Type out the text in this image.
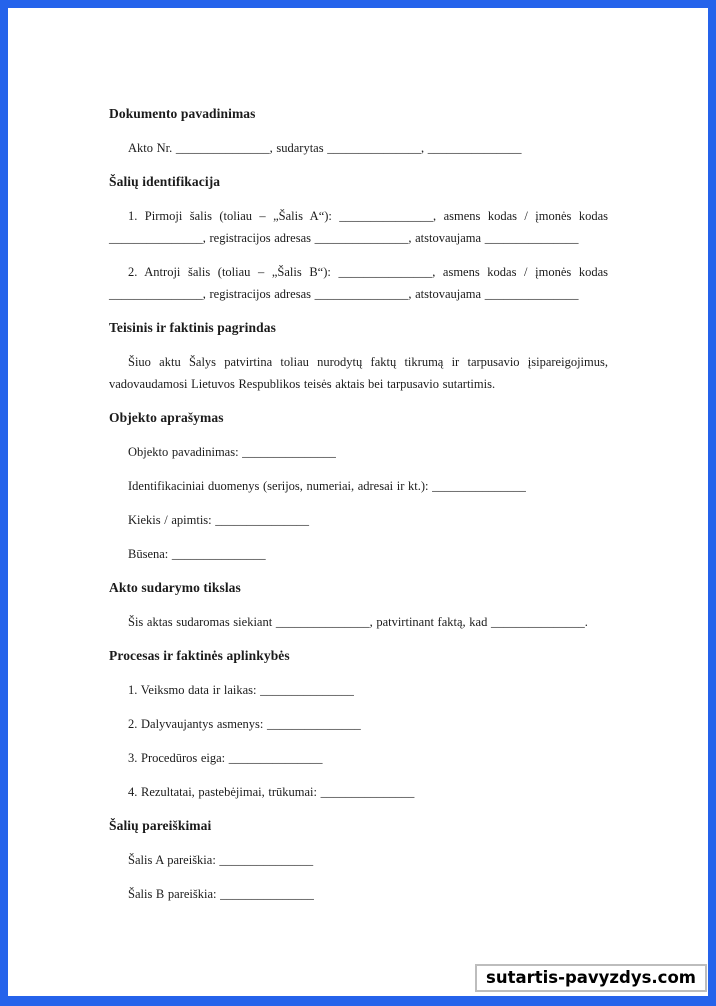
Dokumento pavadinimas

Akto Nr. _______________, sudarytas _______________, _______________

Šalių identifikacija

1. Pirmoji šalis (toliau – „Šalis A“): _______________, asmens kodas / įmonės kodas _______________, registracijos adresas _______________, atstovaujama _______________

2. Antroji šalis (toliau – „Šalis B“): _______________, asmens kodas / įmonės kodas _______________, registracijos adresas _______________, atstovaujama _______________

Teisinis ir faktinis pagrindas

Šiuo aktu Šalys patvirtina toliau nurodytų faktų tikrumą ir tarpusavio įsipareigojimus, vadovaudamosi Lietuvos Respublikos teisės aktais bei tarpusavio sutartimis.

Objekto aprašymas

Objekto pavadinimas: _______________

Identifikaciniai duomenys (serijos, numeriai, adresai ir kt.): _______________

Kiekis / apimtis: _______________

Būsena: _______________

Akto sudarymo tikslas

Šis aktas sudaromas siekiant _______________, patvirtinant faktą, kad _______________.

Procesas ir faktinės aplinkybės

1. Veiksmo data ir laikas: _______________

2. Dalyvaujantys asmenys: _______________

3. Procedūros eiga: _______________

4. Rezultatai, pastebėjimai, trūkumai: _______________

Šalių pareiškimai

Šalis A pareiškia: _______________

Šalis B pareiškia: _______________

sutartis-pavyzdys.com
